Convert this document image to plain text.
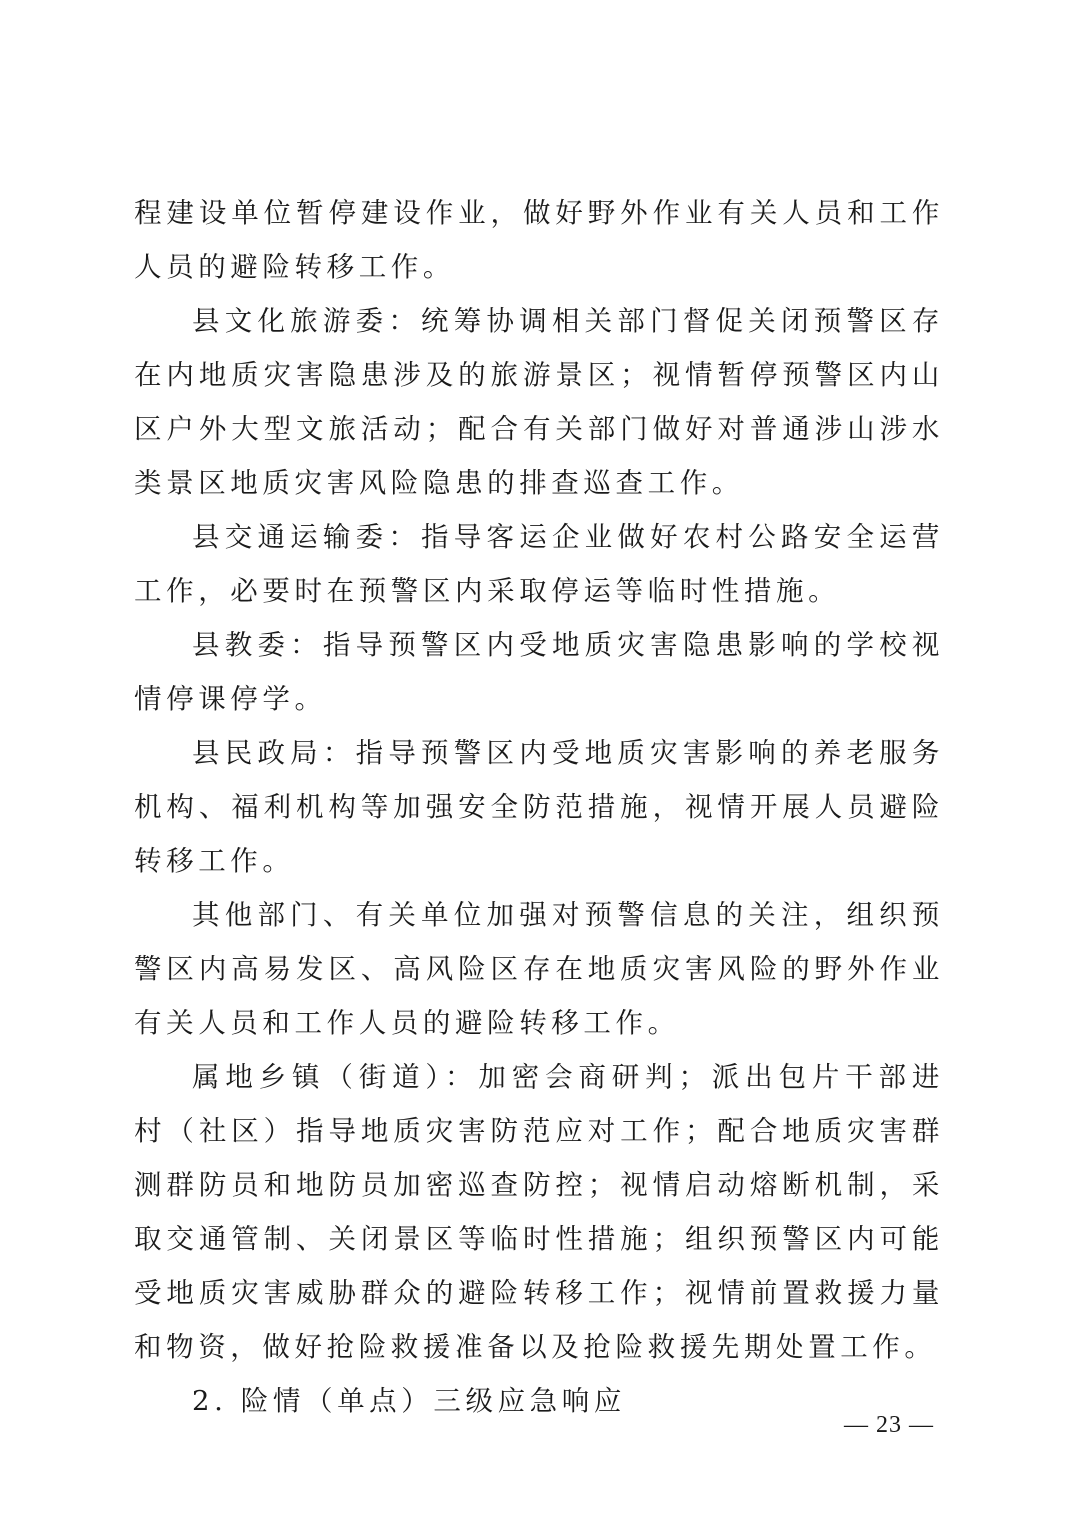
程建设单位暂停建设作业，做好野外作业有关人员和工作人员的避险转移工作。

县文化旅游委：统筹协调相关部门督促关闭预警区存在内地质灾害隐患涉及的旅游景区；视情暂停预警区内山区户外大型文旅活动；配合有关部门做好对普通涉山涉水类景区地质灾害风险隐患的排查巡查工作。

县交通运输委：指导客运企业做好农村公路安全运营工作，必要时在预警区内采取停运等临时性措施。

县教委：指导预警区内受地质灾害隐患影响的学校视情停课停学。

县民政局：指导预警区内受地质灾害影响的养老服务机构、福利机构等加强安全防范措施，视情开展人员避险转移工作。

其他部门、有关单位加强对预警信息的关注，组织预警区内高易发区、高风险区存在地质灾害风险的野外作业有关人员和工作人员的避险转移工作。

属地乡镇（街道）：加密会商研判；派出包片干部进村（社区）指导地质灾害防范应对工作；配合地质灾害群测群防员和地防员加密巡查防控；视情启动熔断机制，采取交通管制、关闭景区等临时性措施；组织预警区内可能受地质灾害威胁群众的避险转移工作；视情前置救援力量和物资，做好抢险救援准备以及抢险救援先期处置工作。

2. 险情（单点）三级应急响应

— 23 —
